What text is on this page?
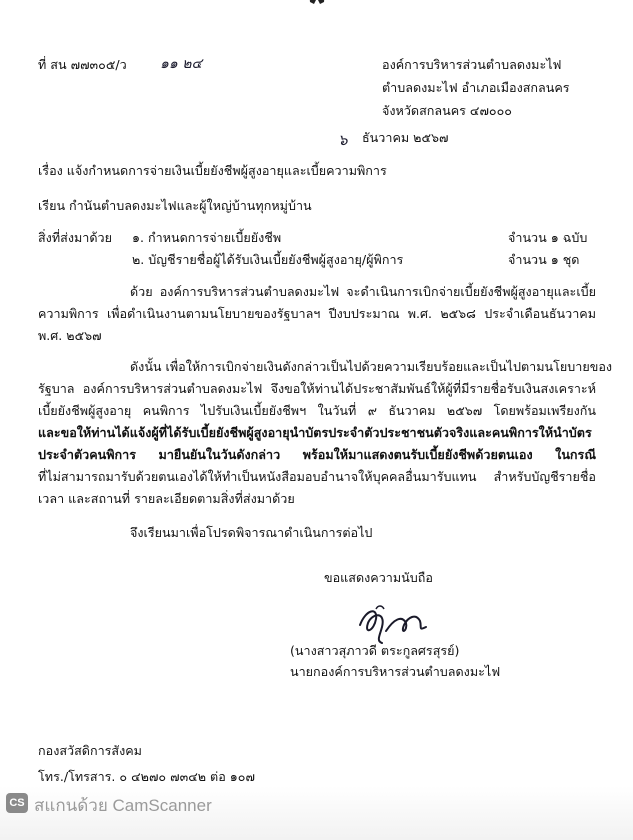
ที่ สน ๗๗๓๐๕/ว ๑๑ ๒๔	องค์การบริหารส่วนตำบลดงมะไฟ
ตำบลดงมะไฟ อำเภอเมืองสกลนคร
จังหวัดสกลนคร ๔๗๐๐๐
๖ ธันวาคม ๒๕๖๗
เรื่อง แจ้งกำหนดการจ่ายเงินเบี้ยยังชีพผู้สูงอายุและเบี้ยความพิการ
เรียน กำนันตำบลดงมะไฟและผู้ใหญ่บ้านทุกหมู่บ้าน
สิ่งที่ส่งมาด้วย ๑. กำหนดการจ่ายเบี้ยยังชีพ	จำนวน ๑ ฉบับ
๒. บัญชีรายชื่อผู้ได้รับเงินเบี้ยยังชีพผู้สูงอายุ/ผู้พิการ	จำนวน ๑ ชุด
ด้วย องค์การบริหารส่วนตำบลดงมะไฟ จะดำเนินการเบิกจ่ายเบี้ยยังชีพผู้สูงอายุและเบี้ย
ความพิการ เพื่อดำเนินงานตามนโยบายของรัฐบาลฯ ปีงบประมาณ พ.ศ. ๒๕๖๘ ประจำเดือนธันวาคม
พ.ศ. ๒๕๖๗
ดังนั้น เพื่อให้การเบิกจ่ายเงินดังกล่าวเป็นไปด้วยความเรียบร้อยและเป็นไปตามนโยบายของ
รัฐบาล องค์การบริหารส่วนตำบลดงมะไฟ จึงขอให้ท่านได้ประชาสัมพันธ์ให้ผู้ที่มีรายชื่อรับเงินสงเคราะห์
เบี้ยยังชีพผู้สูงอายุ คนพิการ ไปรับเงินเบี้ยยังชีพฯ ในวันที่ ๙ ธันวาคม ๒๕๖๗ โดยพร้อมเพรียงกัน
และขอให้ท่านได้แจ้งผู้ที่ได้รับเบี้ยยังชีพผู้สูงอายุนำบัตรประจำตัวประชาชนตัวจริงและคนพิการให้นำบัตร
ประจำตัวคนพิการ มายืนยันในวันดังกล่าว พร้อมให้มาแสดงตนรับเบี้ยยังชีพด้วยตนเอง ในกรณี
ที่ไม่สามารถมารับด้วยตนเองได้ให้ทำเป็นหนังสือมอบอำนาจให้บุคคลอื่นมารับแทน สำหรับบัญชีรายชื่อ
เวลา และสถานที่ รายละเอียดตามสิ่งที่ส่งมาด้วย
จึงเรียนมาเพื่อโปรดพิจารณาดำเนินการต่อไป
ขอแสดงความนับถือ
(นางสาวสุภาวดี ตระกูลศรสุรย์)
นายกองค์การบริหารส่วนตำบลดงมะไฟ
กองสวัสดิการสังคม
โทร./โทรสาร. ๐ ๔๒๗๐ ๗๓๔๒ ต่อ ๑๐๗
CS สแกนด้วย CamScanner
